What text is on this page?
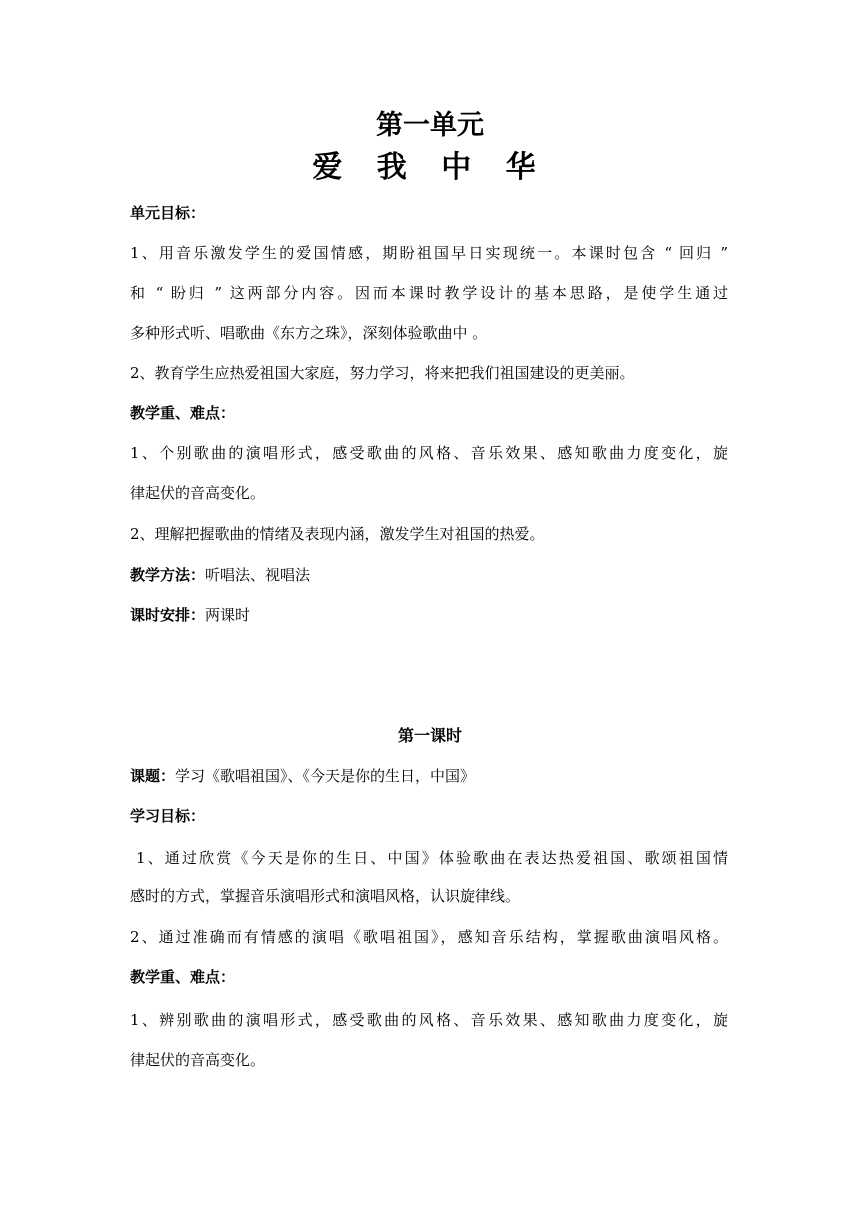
第一单元
爱 我 中 华
单元目标：
1、用音乐激发学生的爱国情感，期盼祖国早日实现统一。本课时包含 “ 回归 ”
和 “ 盼归 ” 这两部分内容。因而本课时教学设计的基本思路，是使学生通过
多种形式听、唱歌曲《东方之珠》，深刻体验歌曲中 。
2、教育学生应热爱祖国大家庭，努力学习，将来把我们祖国建设的更美丽。
教学重、难点：
1、个别歌曲的演唱形式，感受歌曲的风格、音乐效果、感知歌曲力度变化，旋
律起伏的音高变化。
2、理解把握歌曲的情绪及表现内涵，激发学生对祖国的热爱。
教学方法：听唱法、视唱法
课时安排：两课时
第一课时
课题：学习《歌唱祖国》、《今天是你的生日，中国》
学习目标：
1、通过欣赏《今天是你的生日、中国》体验歌曲在表达热爱祖国、歌颂祖国情
感时的方式，掌握音乐演唱形式和演唱风格，认识旋律线。
2、通过准确而有情感的演唱《歌唱祖国》，感知音乐结构，掌握歌曲演唱风格。
教学重、难点：
1、辨别歌曲的演唱形式，感受歌曲的风格、音乐效果、感知歌曲力度变化，旋
律起伏的音高变化。
